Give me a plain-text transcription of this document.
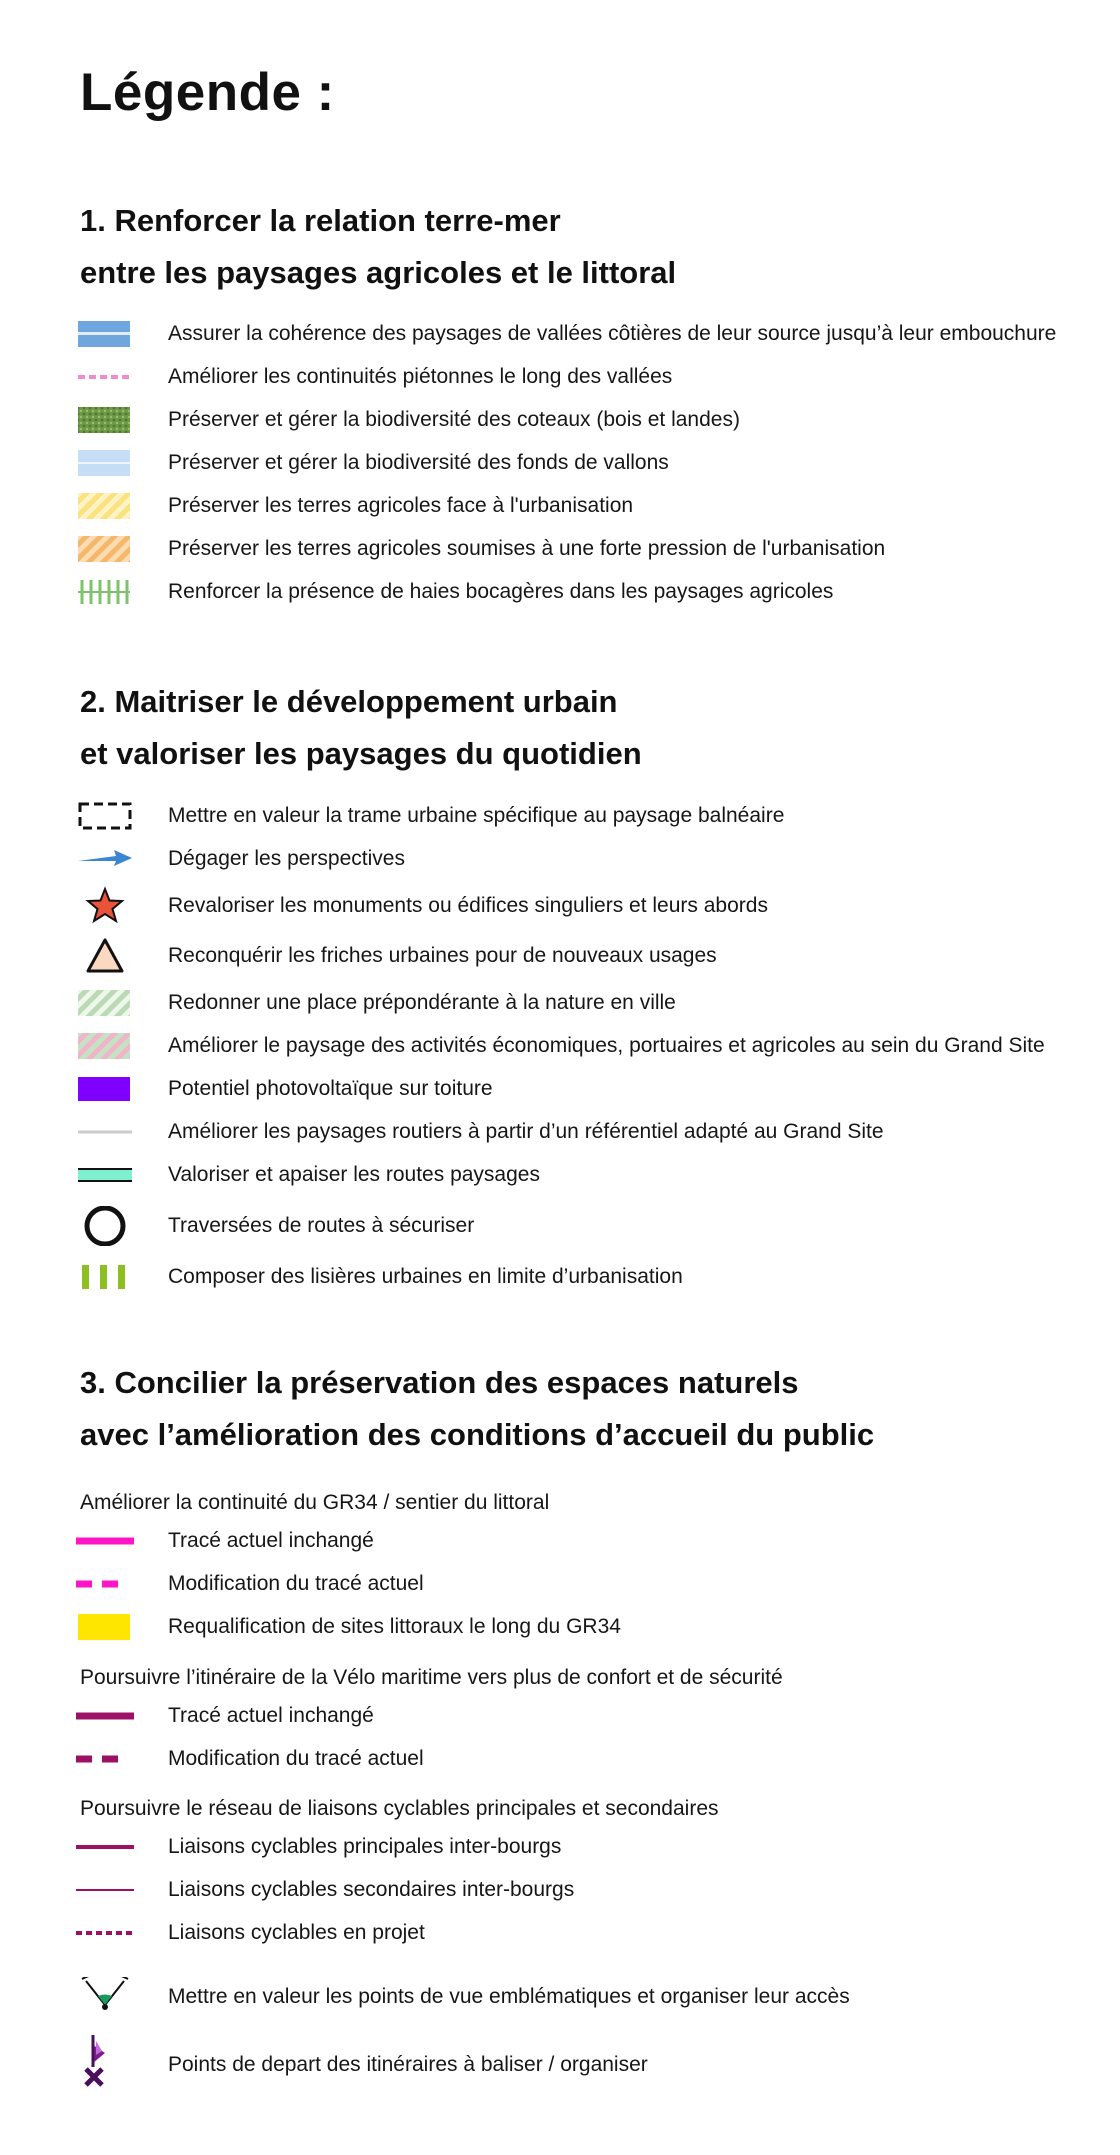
Légende :
1. Renforcer la relation terre-mer
entre les paysages agricoles et le littoral
Assurer la cohérence des paysages de vallées côtières de leur source jusqu’à leur embouchure
Améliorer les continuités piétonnes le long des vallées
Préserver et gérer la biodiversité des coteaux (bois et landes)
Préserver et gérer la biodiversité des fonds de vallons
Préserver les terres agricoles face à l'urbanisation
Préserver les terres agricoles soumises à une forte pression de l'urbanisation
Renforcer la présence de haies bocagères dans les paysages agricoles
2. Maitriser le développement urbain
et valoriser les paysages du quotidien
Mettre en valeur la trame urbaine spécifique au paysage balnéaire
Dégager les perspectives
Revaloriser les monuments ou édifices singuliers et leurs abords
Reconquérir les friches urbaines pour de nouveaux usages
Redonner une place prépondérante à la nature en ville
Améliorer le paysage des activités économiques, portuaires et agricoles au sein du Grand Site
Potentiel photovoltaïque sur toiture
Améliorer les paysages routiers à partir d’un référentiel adapté au Grand Site
Valoriser et apaiser les routes paysages
Traversées de routes à sécuriser
Composer des lisières urbaines en limite d’urbanisation
3. Concilier la préservation des espaces naturels
avec l’amélioration des conditions d’accueil du public
Améliorer la continuité du GR34 / sentier du littoral
Tracé actuel inchangé
Modification du tracé actuel
Requalification de sites littoraux le long du GR34
Poursuivre l’itinéraire de la Vélo maritime vers plus de confort et de sécurité
Tracé actuel inchangé
Modification du tracé actuel
Poursuivre le réseau de liaisons cyclables principales et secondaires
Liaisons cyclables principales inter-bourgs
Liaisons cyclables secondaires inter-bourgs
Liaisons cyclables en projet
Mettre en valeur les points de vue emblématiques et organiser leur accès
Points de depart des itinéraires à baliser / organiser
